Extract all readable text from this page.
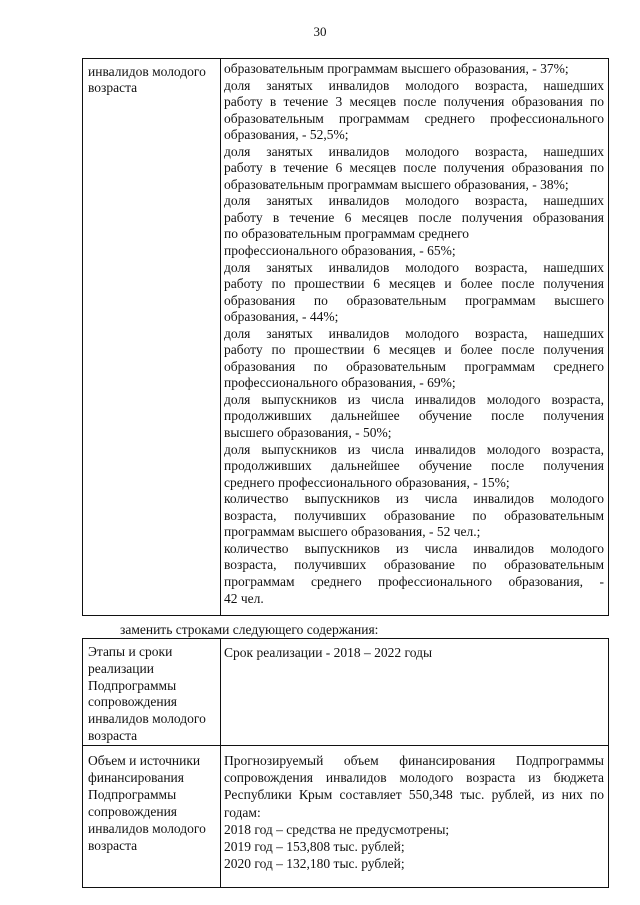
30
инвалидов молодого возраста
образовательным программам высшего образования, - 37%;
доля занятых инвалидов молодого возраста, нашедших
работу в течение 3 месяцев после получения образования по
образовательным программам среднего профессионального
образования, - 52,5%;
доля занятых инвалидов молодого возраста, нашедших
работу в течение 6 месяцев после получения образования по
образовательным программам высшего образования, - 38%;
доля занятых инвалидов молодого возраста, нашедших
работу в течение 6 месяцев после получения образования
по образовательным программам среднего
профессионального образования, - 65%;
доля занятых инвалидов молодого возраста, нашедших
работу по прошествии 6 месяцев и более после получения
образования по образовательным программам высшего
образования, - 44%;
доля занятых инвалидов молодого возраста, нашедших
работу по прошествии 6 месяцев и более после получения
образования по образовательным программам среднего
профессионального образования, - 69%;
доля выпускников из числа инвалидов молодого возраста,
продолживших дальнейшее обучение после получения
высшего образования, - 50%;
доля выпускников из числа инвалидов молодого возраста,
продолживших дальнейшее обучение после получения
среднего профессионального образования, - 15%;
количество выпускников из числа инвалидов молодого
возраста, получивших образование по образовательным
программам высшего образования, - 52 чел.;
количество выпускников из числа инвалидов молодого
возраста, получивших образование по образовательным
программам среднего профессионального образования, -
42 чел.
заменить строками следующего содержания:
Этапы и сроки реализации Подпрограммы сопровождения инвалидов молодого возраста
Срок реализации - 2018 – 2022 годы
Объем и источники финансирования Подпрограммы сопровождения инвалидов молодого возраста
Прогнозируемый объем финансирования Подпрограммы
сопровождения инвалидов молодого возраста из бюджета
Республики Крым составляет 550,348 тыс. рублей, из них по
годам:
2018 год – средства не предусмотрены;
2019 год – 153,808 тыс. рублей;
2020 год – 132,180 тыс. рублей;
